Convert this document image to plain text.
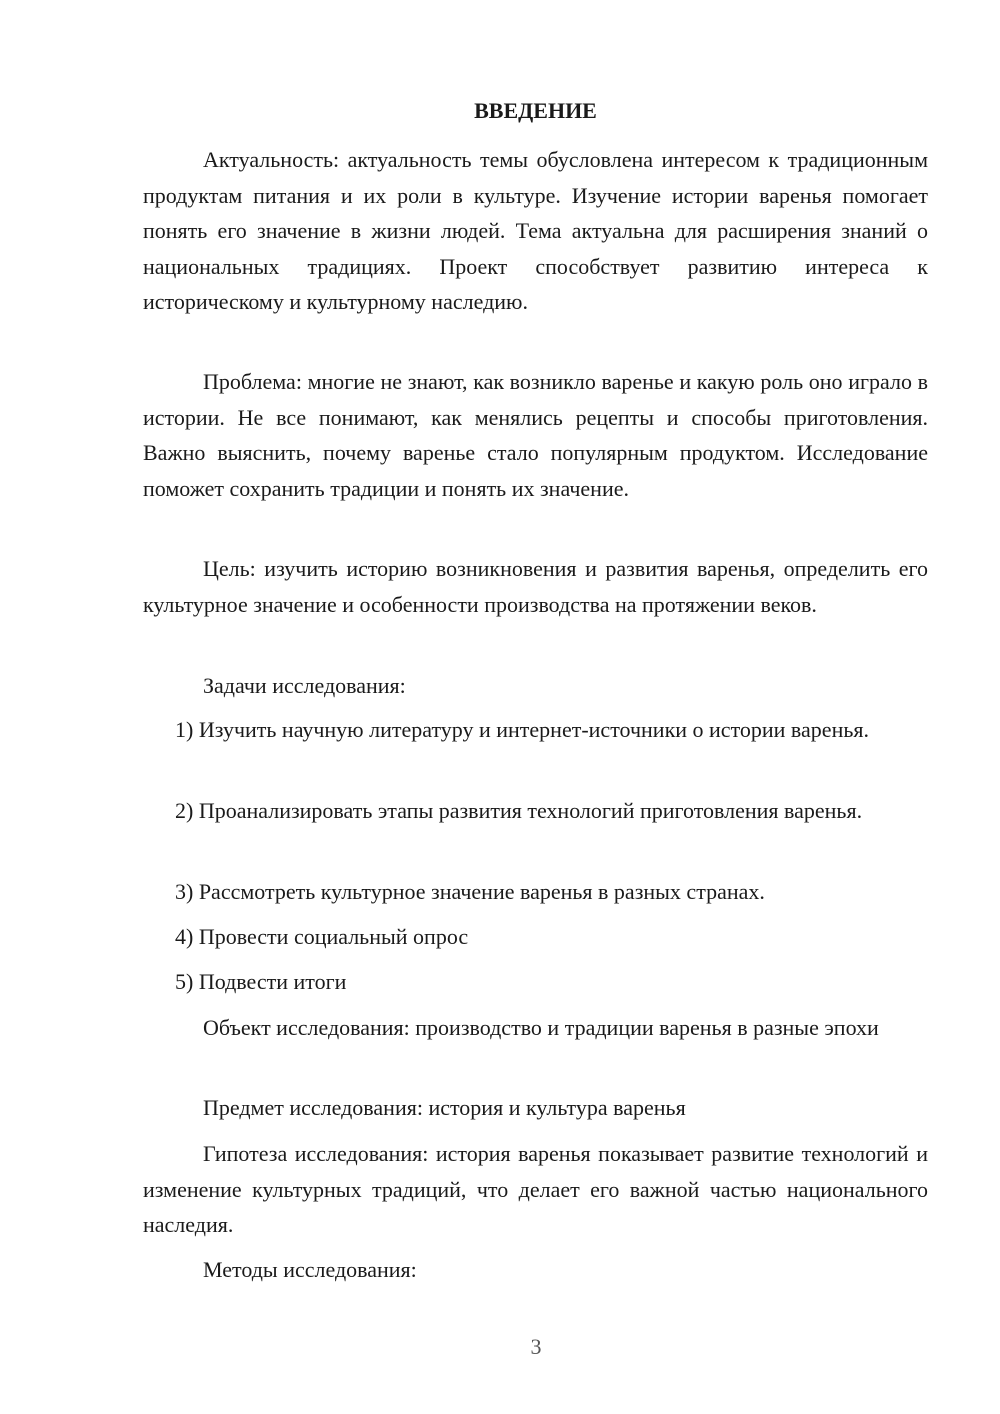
ВВЕДЕНИЕ

Актуальность: актуальность темы обусловлена интересом к традиционным продуктам питания и их роли в культуре. Изучение истории варенья помогает понять его значение в жизни людей. Тема актуальна для расширения знаний о национальных традициях. Проект способствует развитию интереса к историческому и культурному наследию.

Проблема: многие не знают, как возникло варенье и какую роль оно играло в истории. Не все понимают, как менялись рецепты и способы приготовления. Важно выяснить, почему варенье стало популярным продуктом. Исследование поможет сохранить традиции и понять их значение.

Цель: изучить историю возникновения и развития варенья, определить его культурное значение и особенности производства на протяжении веков.

Задачи исследования:

1) Изучить научную литературу и интернет-источники о истории варенья.

2) Проанализировать этапы развития технологий приготовления варенья.

3) Рассмотреть культурное значение варенья в разных странах.

4) Провести социальный опрос

5) Подвести итоги

Объект исследования: производство и традиции варенья в разные эпохи

Предмет исследования: история и культура варенья

Гипотеза исследования: история варенья показывает развитие технологий и изменение культурных традиций, что делает его важной частью национального наследия.

Методы исследования:

3
